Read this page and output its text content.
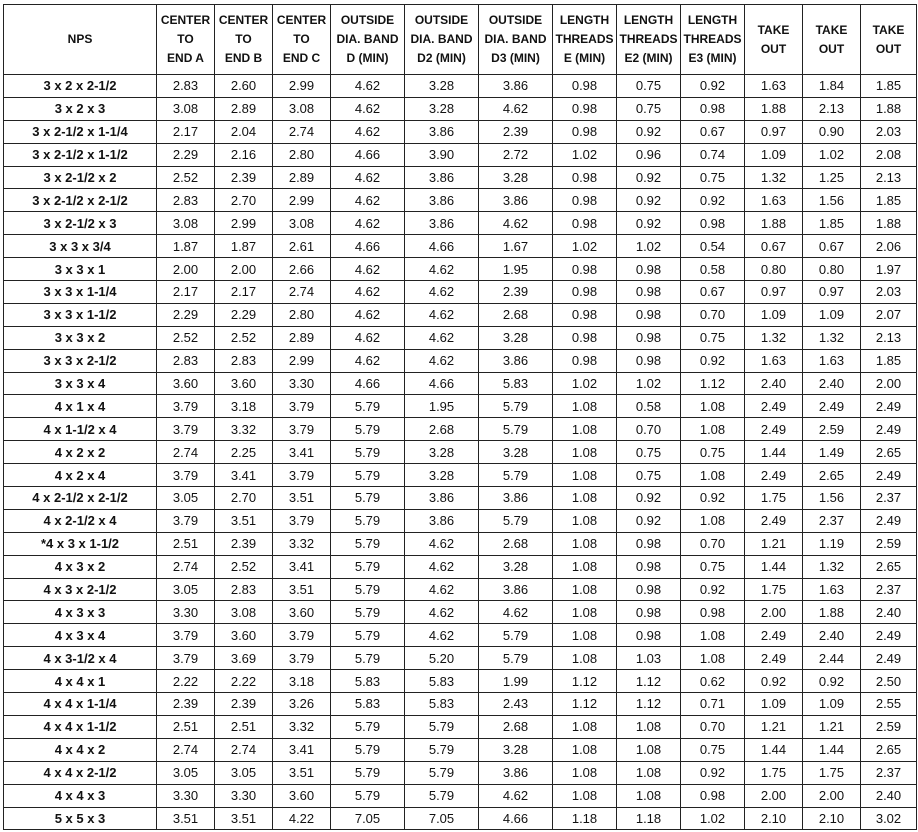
NPS	CENTER
TO
END A	CENTER
TO
END B	CENTER
TO
END C	OUTSIDE
DIA. BAND
D (MIN)	OUTSIDE
DIA. BAND
D2 (MIN)	OUTSIDE
DIA. BAND
D3 (MIN)	LENGTH
THREADS
E (MIN)	LENGTH
THREADS
E2 (MIN)	LENGTH
THREADS
E3 (MIN)	TAKE
OUT	TAKE
OUT	TAKE
OUT

3 x 2 x 2-1/2	2.83	2.60	2.99	4.62	3.28	3.86	0.98	0.75	0.92	1.63	1.84	1.85
3 x 2 x 3	3.08	2.89	3.08	4.62	3.28	4.62	0.98	0.75	0.98	1.88	2.13	1.88
3 x 2-1/2 x 1-1/4	2.17	2.04	2.74	4.62	3.86	2.39	0.98	0.92	0.67	0.97	0.90	2.03
3 x 2-1/2 x 1-1/2	2.29	2.16	2.80	4.66	3.90	2.72	1.02	0.96	0.74	1.09	1.02	2.08
3 x 2-1/2 x 2	2.52	2.39	2.89	4.62	3.86	3.28	0.98	0.92	0.75	1.32	1.25	2.13
3 x 2-1/2 x 2-1/2	2.83	2.70	2.99	4.62	3.86	3.86	0.98	0.92	0.92	1.63	1.56	1.85
3 x 2-1/2 x 3	3.08	2.99	3.08	4.62	3.86	4.62	0.98	0.92	0.98	1.88	1.85	1.88
3 x 3 x 3/4	1.87	1.87	2.61	4.66	4.66	1.67	1.02	1.02	0.54	0.67	0.67	2.06
3 x 3 x 1	2.00	2.00	2.66	4.62	4.62	1.95	0.98	0.98	0.58	0.80	0.80	1.97
3 x 3 x 1-1/4	2.17	2.17	2.74	4.62	4.62	2.39	0.98	0.98	0.67	0.97	0.97	2.03
3 x 3 x 1-1/2	2.29	2.29	2.80	4.62	4.62	2.68	0.98	0.98	0.70	1.09	1.09	2.07
3 x 3 x 2	2.52	2.52	2.89	4.62	4.62	3.28	0.98	0.98	0.75	1.32	1.32	2.13
3 x 3 x 2-1/2	2.83	2.83	2.99	4.62	4.62	3.86	0.98	0.98	0.92	1.63	1.63	1.85
3 x 3 x 4	3.60	3.60	3.30	4.66	4.66	5.83	1.02	1.02	1.12	2.40	2.40	2.00
4 x 1 x 4	3.79	3.18	3.79	5.79	1.95	5.79	1.08	0.58	1.08	2.49	2.49	2.49
4 x 1-1/2 x 4	3.79	3.32	3.79	5.79	2.68	5.79	1.08	0.70	1.08	2.49	2.59	2.49
4 x 2 x 2	2.74	2.25	3.41	5.79	3.28	3.28	1.08	0.75	0.75	1.44	1.49	2.65
4 x 2 x 4	3.79	3.41	3.79	5.79	3.28	5.79	1.08	0.75	1.08	2.49	2.65	2.49
4 x 2-1/2 x 2-1/2	3.05	2.70	3.51	5.79	3.86	3.86	1.08	0.92	0.92	1.75	1.56	2.37
4 x 2-1/2 x 4	3.79	3.51	3.79	5.79	3.86	5.79	1.08	0.92	1.08	2.49	2.37	2.49
*4 x 3 x 1-1/2	2.51	2.39	3.32	5.79	4.62	2.68	1.08	0.98	0.70	1.21	1.19	2.59
4 x 3 x 2	2.74	2.52	3.41	5.79	4.62	3.28	1.08	0.98	0.75	1.44	1.32	2.65
4 x 3 x 2-1/2	3.05	2.83	3.51	5.79	4.62	3.86	1.08	0.98	0.92	1.75	1.63	2.37
4 x 3 x 3	3.30	3.08	3.60	5.79	4.62	4.62	1.08	0.98	0.98	2.00	1.88	2.40
4 x 3 x 4	3.79	3.60	3.79	5.79	4.62	5.79	1.08	0.98	1.08	2.49	2.40	2.49
4 x 3-1/2 x 4	3.79	3.69	3.79	5.79	5.20	5.79	1.08	1.03	1.08	2.49	2.44	2.49
4 x 4 x 1	2.22	2.22	3.18	5.83	5.83	1.99	1.12	1.12	0.62	0.92	0.92	2.50
4 x 4 x 1-1/4	2.39	2.39	3.26	5.83	5.83	2.43	1.12	1.12	0.71	1.09	1.09	2.55
4 x 4 x 1-1/2	2.51	2.51	3.32	5.79	5.79	2.68	1.08	1.08	0.70	1.21	1.21	2.59
4 x 4 x 2	2.74	2.74	3.41	5.79	5.79	3.28	1.08	1.08	0.75	1.44	1.44	2.65
4 x 4 x 2-1/2	3.05	3.05	3.51	5.79	5.79	3.86	1.08	1.08	0.92	1.75	1.75	2.37
4 x 4 x 3	3.30	3.30	3.60	5.79	5.79	4.62	1.08	1.08	0.98	2.00	2.00	2.40
5 x 5 x 3	3.51	3.51	4.22	7.05	7.05	4.66	1.18	1.18	1.02	2.10	2.10	3.02
